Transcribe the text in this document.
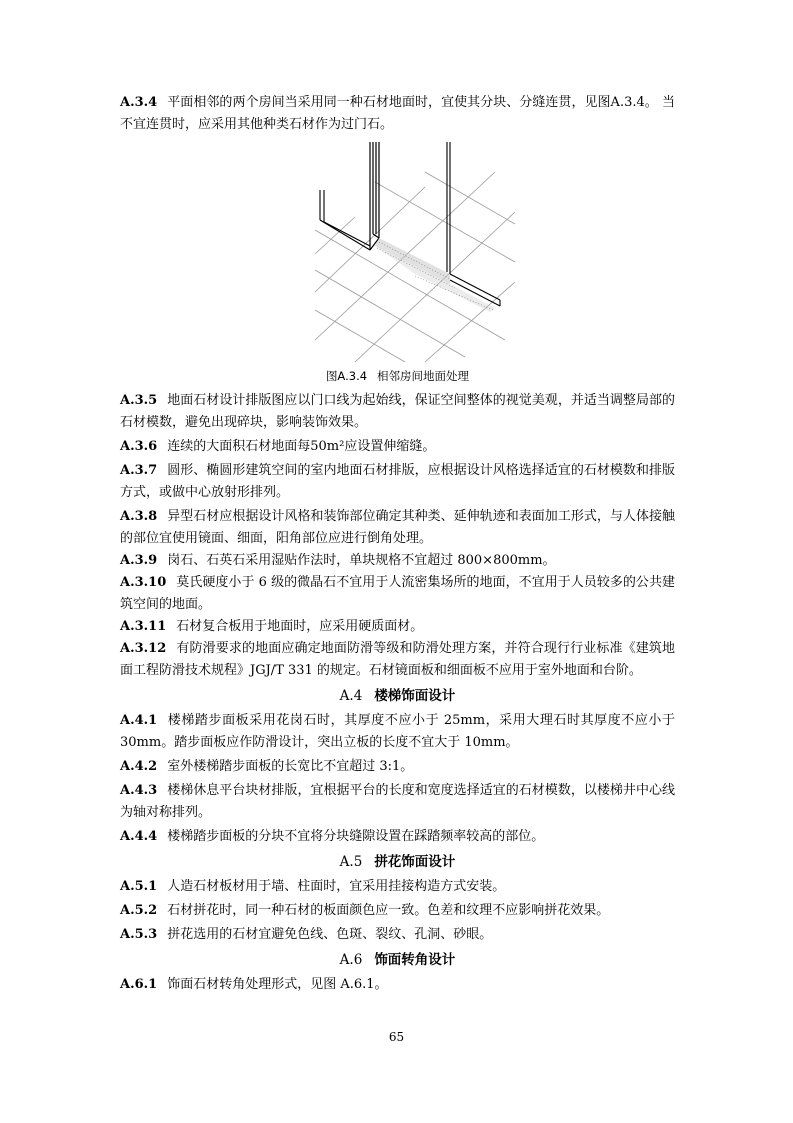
A.3.4 平面相邻的两个房间当采用同一种石材地面时，宜使其分块、分缝连贯，见图A.3.4。 当不宜连贯时，应采用其他种类石材作为过门石。

图A.3.4 相邻房间地面处理

A.3.5 地面石材设计排版图应以门口线为起始线，保证空间整体的视觉美观，并适当调整局部的石材模数，避免出现碎块，影响装饰效果。

A.3.6 连续的大面积石材地面每50m²应设置伸缩缝。

A.3.7 圆形、椭圆形建筑空间的室内地面石材排版，应根据设计风格选择适宜的石材模数和排版方式，或做中心放射形排列。

A.3.8 异型石材应根据设计风格和装饰部位确定其种类、延伸轨迹和表面加工形式，与人体接触的部位宜使用镜面、细面，阳角部位应进行倒角处理。

A.3.9 岗石、石英石采用湿贴作法时，单块规格不宜超过 800×800mm。

A.3.10 莫氏硬度小于 6 级的微晶石不宜用于人流密集场所的地面，不宜用于人员较多的公共建筑空间的地面。

A.3.11 石材复合板用于地面时，应采用硬质面材。

A.3.12 有防滑要求的地面应确定地面防滑等级和防滑处理方案，并符合现行行业标准《建筑地面工程防滑技术规程》JGJ/T 331 的规定。石材镜面板和细面板不应用于室外地面和台阶。

A.4 楼梯饰面设计

A.4.1 楼梯踏步面板采用花岗石时，其厚度不应小于 25mm，采用大理石时其厚度不应小于30mm。踏步面板应作防滑设计，突出立板的长度不宜大于 10mm。

A.4.2 室外楼梯踏步面板的长宽比不宜超过 3:1。

A.4.3 楼梯休息平台块材排版，宜根据平台的长度和宽度选择适宜的石材模数，以楼梯井中心线为轴对称排列。

A.4.4 楼梯踏步面板的分块不宜将分块缝隙设置在踩踏频率较高的部位。

A.5 拼花饰面设计

A.5.1 人造石材板材用于墙、柱面时，宜采用挂接构造方式安装。

A.5.2 石材拼花时，同一种石材的板面颜色应一致。色差和纹理不应影响拼花效果。

A.5.3 拼花选用的石材宜避免色线、色斑、裂纹、孔洞、砂眼。

A.6 饰面转角设计

A.6.1 饰面石材转角处理形式，见图 A.6.1。

65
